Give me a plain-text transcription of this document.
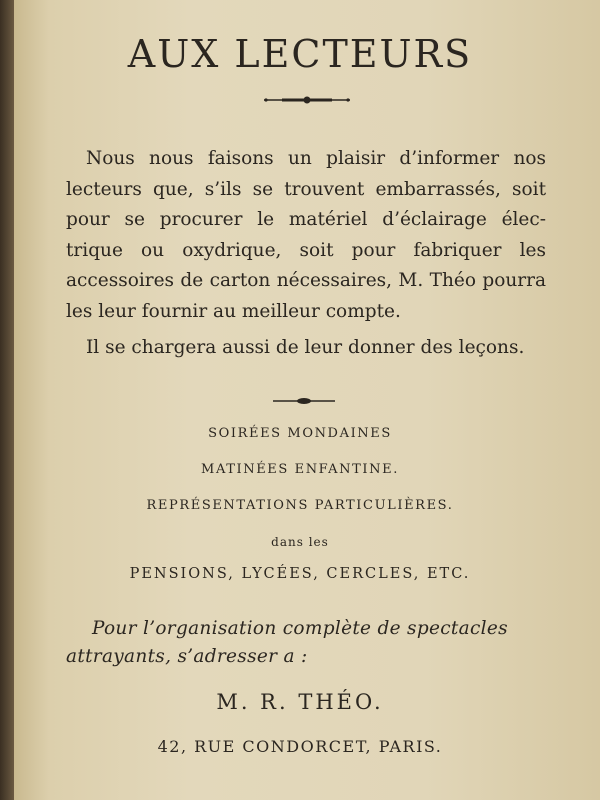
AUX LECTEURS
Nous nous faisons un plaisir d’informer nos lecteurs que, s’ils se trouvent embarrassés, soit pour se procurer le matériel d’éclairage élec-trique ou oxydrique, soit pour fabriquer les accessoires de carton nécessaires, M. Théo pourra les leur fournir au meilleur compte.
Il se chargera aussi de leur donner des leçons.
SOIRÉES MONDAINES
MATINÉES ENFANTINE.
REPRÉSENTATIONS PARTICULIÈRES.
dans les
PENSIONS, LYCÉES, CERCLES, ETC.
Pour l’organisation complète de spectacles attrayants, s’adresser a :
M. R. THÉO.
42, RUE CONDORCET, PARIS.
